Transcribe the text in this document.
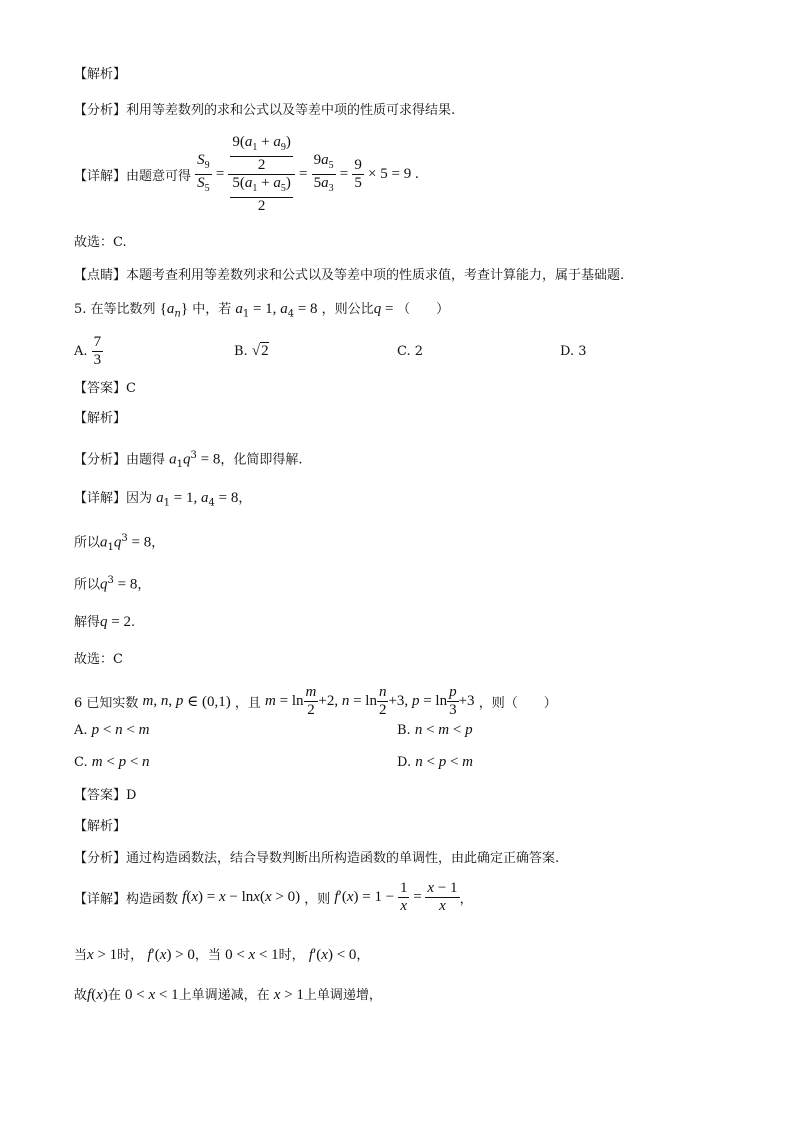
【解析】
【分析】利用等差数列的求和公式以及等差中项的性质可求得结果.
【详解】由题意可得 $\frac{S_9}{S_5} = \frac{\frac{9(a_1 + a_9)}{2}}{\frac{5(a_1 + a_5)}{2}} = \frac{9a_5}{5a_3} = \frac{9}{5} \times 5 = 9$ .
故选：C.
【点睛】本题考查利用等差数列求和公式以及等差中项的性质求值，考查计算能力，属于基础题.
5. 在等比数列 $\{a_n\}$ 中，若 $a_1 = 1$, $a_4 = 8$ ，则公比q = （　　）
A. $\frac{7}{3}$	B. √2	C. 2	D. 3
【答案】C
【解析】
【分析】由题得 $a_1q^3 = 8$，化简即得解.
【详解】因为 $a_1 = 1$, $a_4 = 8$，
所以$a_1q^3 = 8$，
所以$q^3 = 8$，
解得q = 2.
故选：C
6 已知实数 m, n, p ∈ (0,1) ，且 $m = \ln \frac{m}{2} +2$, $n = \ln \frac{n}{2} +3$, $p = \ln \frac{p}{3} +3$ ，则（　　）
A. p < n < m	B. n < m < p
C. m < p < n	D. n < p < m
【答案】D
【解析】
【分析】通过构造函数法，结合导数判断出所构造函数的单调性，由此确定正确答案.
【详解】构造函数 f(x) = x − lnx(x > 0) ，则 $f'(x) = 1 - \frac{1}{x} = \frac{x - 1}{x}$ ，
当x > 1时， f′(x) > 0，当 0 < x < 1时， f′(x) < 0，
故f(x)在 0 < x < 1上单调递减，在 x > 1上单调递增，
